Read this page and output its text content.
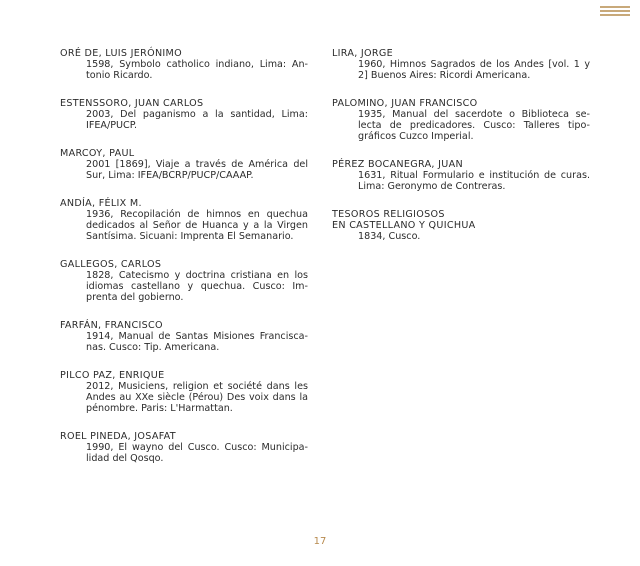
ORÉ DE, LUIS JERÓNIMO
1598, Symbolo catholico indiano, Lima: An-
tonio Ricardo.
ESTENSSORO, JUAN CARLOS
2003, Del paganismo a la santidad, Lima:
IFEA/PUCP.
MARCOY, PAUL
2001 [1869], Viaje a través de América del
Sur, Lima: IFEA/BCRP/PUCP/CAAAP.
ANDÍA, FÉLIX M.
1936, Recopilación de himnos en quechua
dedicados al Señor de Huanca y a la Virgen
Santísima. Sicuani: Imprenta El Semanario.
GALLEGOS, CARLOS
1828, Catecismo y doctrina cristiana en los
idiomas castellano y quechua. Cusco: Im-
prenta del gobierno.
FARFÁN, FRANCISCO
1914, Manual de Santas Misiones Franciscа-
nas. Cusco: Tip. Americana.
PILCO PAZ, ENRIQUE
2012, Musiciens, religion et société dans les
Andes au XXe siècle (Pérou) Des voix dans la
pénombre. Paris: L'Harmattan.
ROEL PINEDA, JOSAFAT
1990, El wayno del Cusco. Cusco: Municipa-
lidad del Qosqo.
LIRA, JORGE
1960, Himnos Sagrados de los Andes [vol. 1 y
2] Buenos Aires: Ricordi Americana.
PALOMINO, JUAN FRANCISCO
1935, Manual del sacerdote o Biblioteca se-
lecta de predicadores. Cusco: Talleres tipo-
gráficos Cuzco Imperial.
PÉREZ BOCANEGRA, JUAN
1631, Ritual Formulario e institución de curas.
Lima: Geronymo de Contreras.
TESOROS RELIGIOSOS
EN CASTELLANO Y QUICHUA
1834, Cusco.
17
